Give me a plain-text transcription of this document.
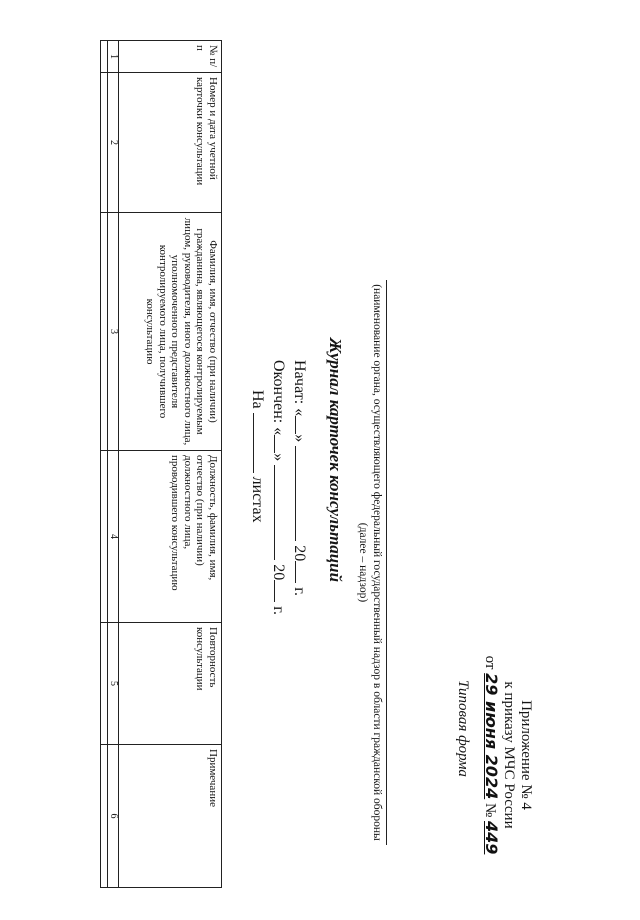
Приложение № 4
к приказу МЧС России
от 29 июня 2024 № 449
Типовая форма
(наименование органа, осуществляющего федеральный государственный надзор в области гражданской обороны (далее – надзор)
Журнал карточек консультаций
Начат: «»  20 г.
Окончен: «»  20 г.
На  листах
№ п/п	Номер и дата учетной карточки консультации	Фамилия, имя, отчество (при наличии) гражданина, являющегося контролируемым лицом, руководителя, иного должностного лица, уполномоченного представителя контролируемого лица, получившего консультацию	Должность, фамилия, имя, отчество (при наличии) должностного лица, проводившего консультацию	Повторность консультации	Примечание
1	2	3	4	5	6
